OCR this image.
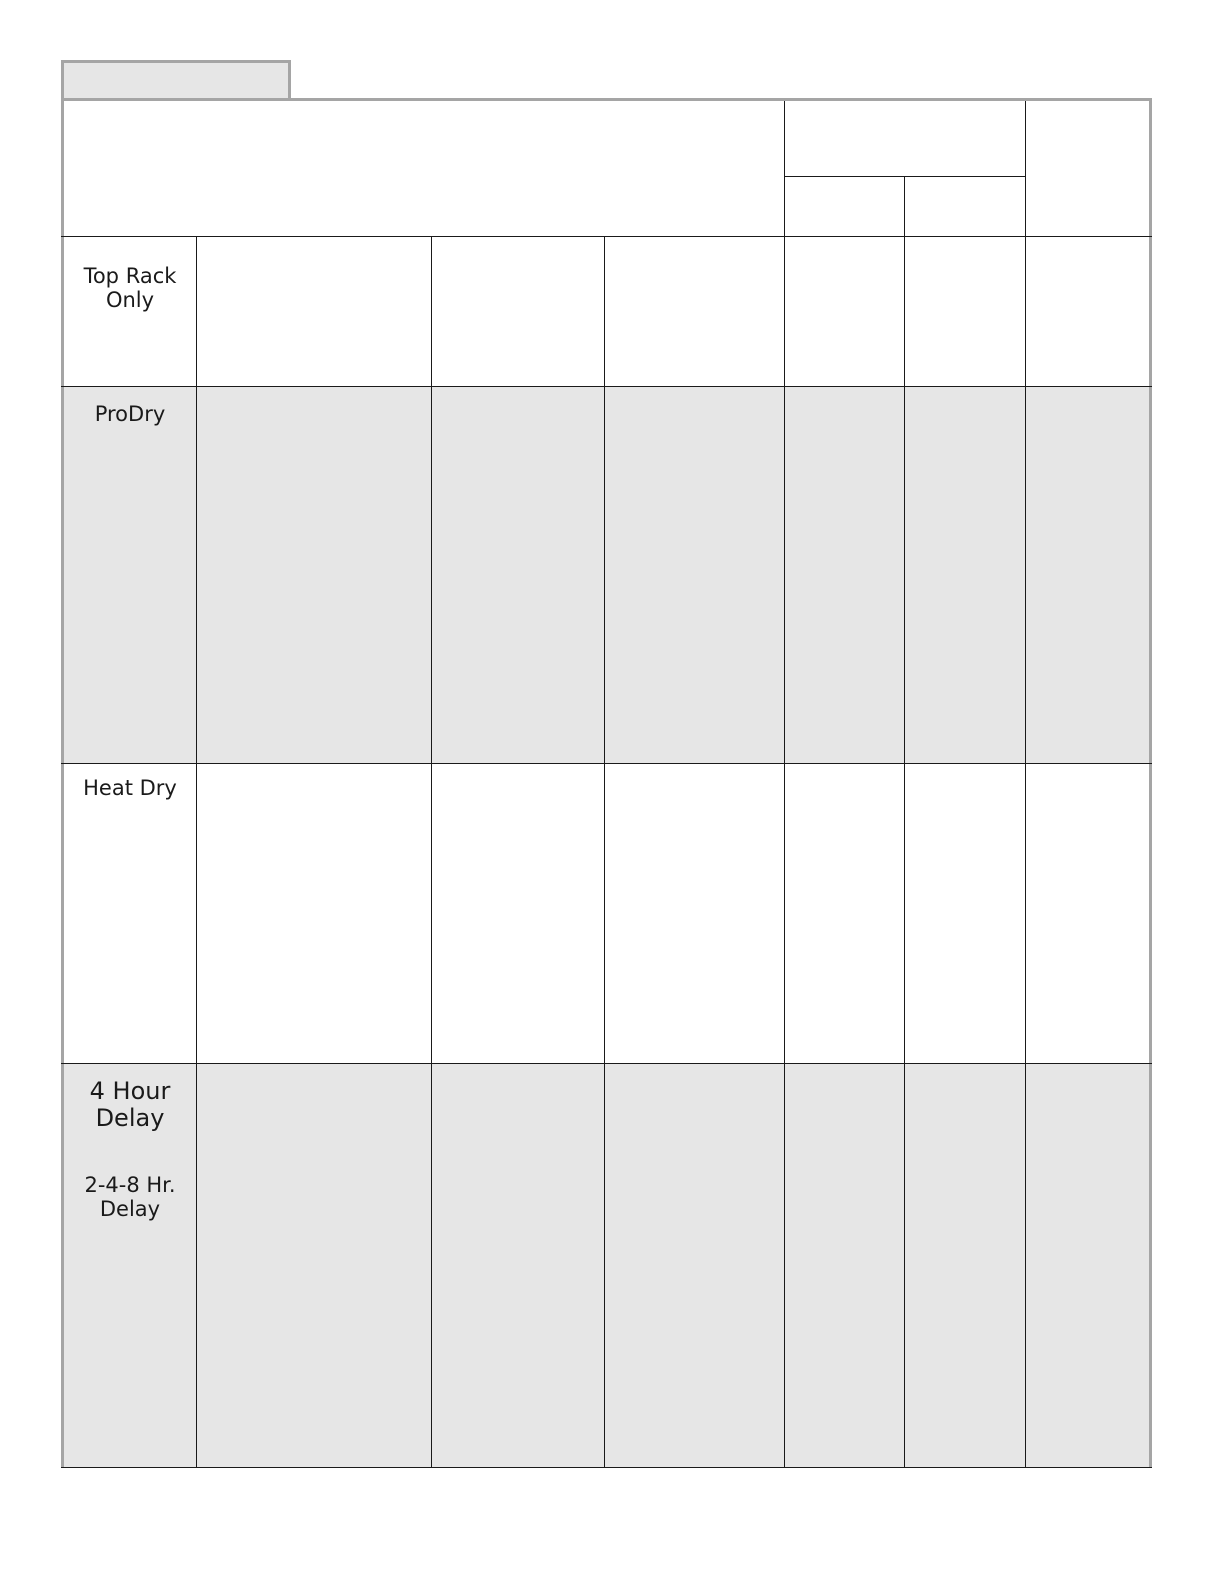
Top Rack
Only
ProDry
Heat Dry
4 Hour
Delay
2-4-8 Hr.
Delay
